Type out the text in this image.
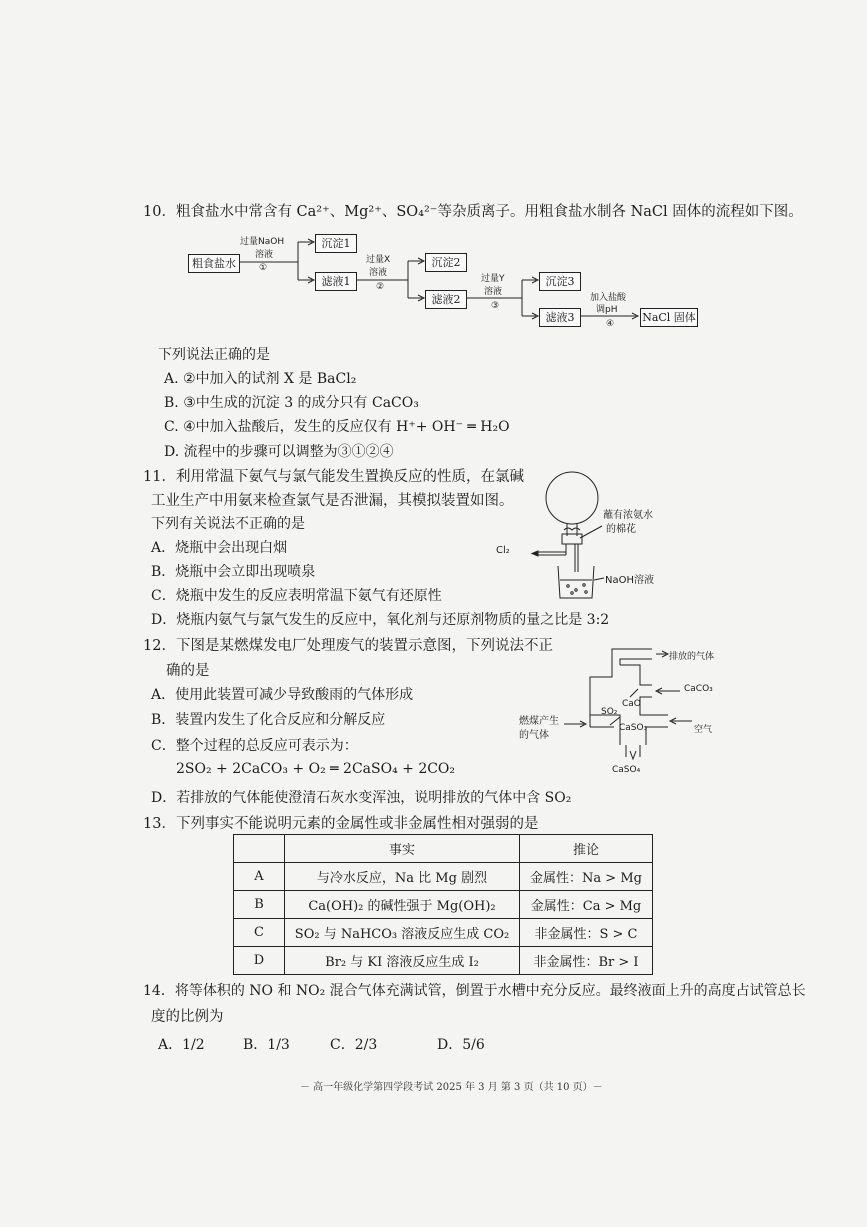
10．粗食盐水中常含有 Ca²⁺、Mg²⁺、SO₄²⁻等杂质离子。用粗食盐水制各 NaCl 固体的流程如下图。
粗食盐水
过量NaOH
溶液
①
沉淀1
滤液1
过量X
溶液
②
沉淀2
滤液2
过量Y
溶液
③
沉淀3
滤液3
加入盐酸
调pH
④	NaCl 固体
下列说法正确的是
A. ②中加入的试剂 X 是 BaCl₂
B. ③中生成的沉淀 3 的成分只有 CaCO₃
C. ④中加入盐酸后，发生的反应仅有 H⁺+ OH⁻ ═ H₂O
D. 流程中的步骤可以调整为③①②④
11．利用常温下氨气与氯气能发生置换反应的性质，在氯碱
工业生产中用氨来检查氯气是否泄漏，其模拟装置如图。
下列有关说法不正确的是
A．烧瓶中会出现白烟
B．烧瓶中会立即出现喷泉
C．烧瓶中发生的反应表明常温下氨气有还原性
D．烧瓶内氨气与氯气发生的反应中，氧化剂与还原剂物质的量之比是 3:2
蘸有浓氨水
的棉花
Cl₂
NaOH溶液
12．下图是某燃煤发电厂处理废气的装置示意图，下列说法不正
确的是
A．使用此装置可减少导致酸雨的气体形成
B．装置内发生了化合反应和分解反应
C．整个过程的总反应可表示为：
2SO₂ + 2CaCO₃ + O₂ ═ 2CaSO₄ + 2CO₂
D．若排放的气体能使澄清石灰水变浑浊，说明排放的气体中含 SO₂
排放的气体
CaCO₃
CaO
SO₂
CaSO₃	空气
CaSO₄
燃煤产生
的气体
13．下列事实不能说明元素的金属性或非金属性相对强弱的是
	事实	推论
A	与冷水反应，Na 比 Mg 剧烈	金属性：Na > Mg
B	Ca(OH)₂ 的碱性强于 Mg(OH)₂	金属性：Ca > Mg
C	SO₂ 与 NaHCO₃ 溶液反应生成 CO₂	非金属性：S > C
D	Br₂ 与 KI 溶液反应生成 I₂	非金属性：Br > I
14．将等体积的 NO 和 NO₂ 混合气体充满试管，倒置于水槽中充分反应。最终液面上升的高度占试管总长
度的比例为
A．1/2	B．1/3	C．2/3	D．5/6
－ 高一年级化学第四学段考试 2025 年 3 月 第 3 页（共 10 页）－
